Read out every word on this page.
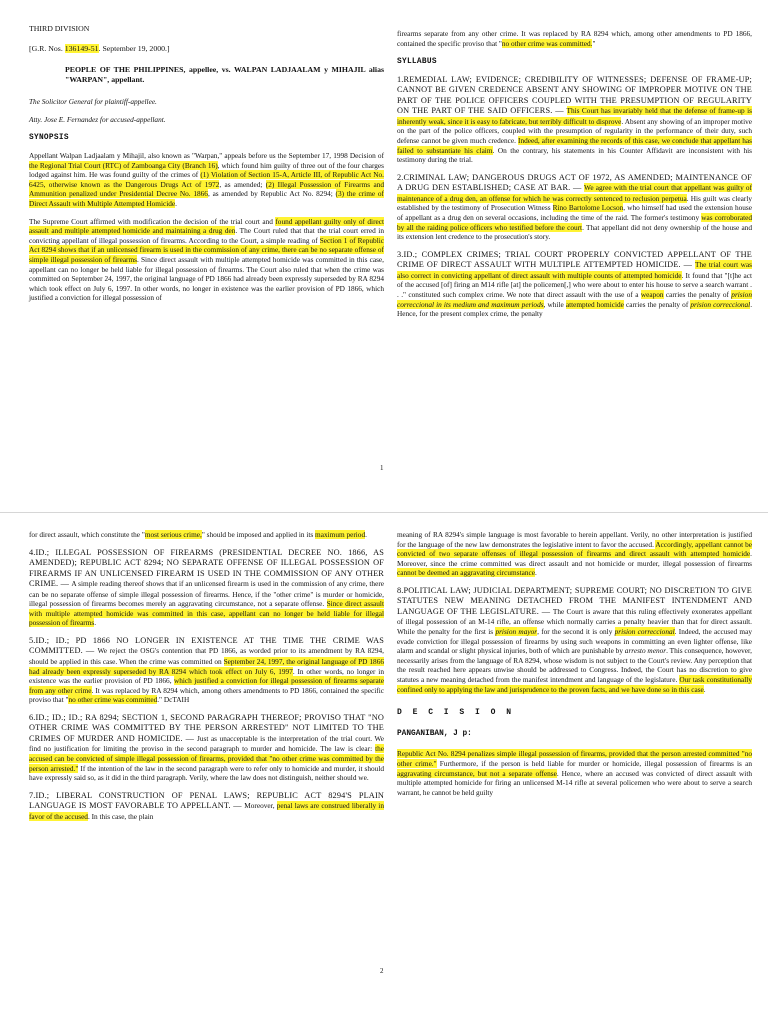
THIRD DIVISION

[G.R. Nos. 136149-51. September 19, 2000.]

PEOPLE OF THE PHILIPPINES, appellee, vs. WALPAN LADJAALAM y MIHAJIL alias "WARPAN", appellant.

The Solicitor General for plaintiff-appellee.

Atty. Jose E. Fernandez for accused-appellant.

SYNOPSIS

Appellant Walpan Ladjaalam y Mihajil, also known as "Warpan," appeals before us the September 17, 1998 Decision of the Regional Trial Court (RTC) of Zamboanga City (Branch 16), which found him guilty of three out of the four charges lodged against him. He was found guilty of the crimes of (1) Violation of Section 15-A, Article III, of Republic Act No. 6425, otherwise known as the Dangerous Drugs Act of 1972, as amended; (2) Illegal Possession of Firearms and Ammunition penalized under Presidential Decree No. 1866, as amended by Republic Act No. 8294; (3) the crime of Direct Assault with Multiple Attempted Homicide.

The Supreme Court affirmed with modification the decision of the trial court and found appellant guilty only of direct assault and multiple attempted homicide and maintaining a drug den. The Court ruled that that the trial court erred in convicting appellant of illegal possession of firearms. According to the Court, a simple reading of Section 1 of Republic Act 8294 shows that if an unlicensed firearm is used in the commission of any crime, there can be no separate offense of simple illegal possession of firearms. Since direct assault with multiple attempted homicide was committed in this case, appellant can no longer be held liable for illegal possession of firearms. The Court also ruled that when the crime was committed on September 24, 1997, the original language of PD 1866 had already been expressly superseded by RA 8294 which took effect on July 6, 1997. In other words, no longer in existence was the earlier provision of PD 1866, which justified a conviction for illegal possession of

firearms separate from any other crime. It was replaced by RA 8294 which, among other amendments to PD 1866, contained the specific proviso that "no other crime was committed."

SYLLABUS

1.REMEDIAL LAW; EVIDENCE; CREDIBILITY OF WITNESSES; DEFENSE OF FRAME-UP; CANNOT BE GIVEN CREDENCE ABSENT ANY SHOWING OF IMPROPER MOTIVE ON THE PART OF THE POLICE OFFICERS COUPLED WITH THE PRESUMPTION OF REGULARITY ON THE PART OF THE SAID OFFICERS. — This Court has invariably held that the defense of frame-up is inherently weak, since it is easy to fabricate, but terribly difficult to disprove. Absent any showing of an improper motive on the part of the police officers, coupled with the presumption of regularity in the performance of their duty, such defense cannot be given much credence. Indeed, after examining the records of this case, we conclude that appellant has failed to substantiate his claim. On the contrary, his statements in his Counter Affidavit are inconsistent with his testimony during the trial.

2.CRIMINAL LAW; DANGEROUS DRUGS ACT OF 1972, AS AMENDED; MAINTENANCE OF A DRUG DEN ESTABLISHED; CASE AT BAR. — We agree with the trial court that appellant was guilty of maintenance of a drug den, an offense for which he was correctly sentenced to reclusion perpetua. His guilt was clearly established by the testimony of Prosecution Witness Rino Bartolome Locson, who himself had used the extension house of appellant as a drug den on several occasions, including the time of the raid. The former's testimony was corroborated by all the raiding police officers who testified before the court. That appellant did not deny ownership of the house and its extension lent credence to the prosecution's story.

3.ID.; COMPLEX CRIMES; TRIAL COURT PROPERLY CONVICTED APPELLANT OF THE CRIME OF DIRECT ASSAULT WITH MULTIPLE ATTEMPTED HOMICIDE. — The trial court was also correct in convicting appellant of direct assault with multiple counts of attempted homicide. It found that "[t]he act of the accused [of] firing an M14 rifle [at] the policemen[,] who were about to enter his house to serve a search warrant . . ." constituted such complex crime. We note that direct assault with the use of a weapon carries the penalty of prision correccional in its medium and maximum periods, while attempted homicide carries the penalty of prision correccional. Hence, for the present complex crime, the penalty

1

for direct assault, which constitute the "most serious crime," should be imposed and applied in its maximum period.

4.ID.; ILLEGAL POSSESSION OF FIREARMS (PRESIDENTIAL DECREE NO. 1866, AS AMENDED); REPUBLIC ACT 8294; NO SEPARATE OFFENSE OF ILLEGAL POSSESSION OF FIREARMS IF AN UNLICENSED FIREARM IS USED IN THE COMMISSION OF ANY OTHER CRIME. — A simple reading thereof shows that if an unlicensed firearm is used in the commission of any crime, there can be no separate offense of simple illegal possession of firearms. Hence, if the "other crime" is murder or homicide, illegal possession of firearms becomes merely an aggravating circumstance, not a separate offense. Since direct assault with multiple attempted homicide was committed in this case, appellant can no longer be held liable for illegal possession of firearms.

5.ID.; ID.; PD 1866 NO LONGER IN EXISTENCE AT THE TIME THE CRIME WAS COMMITTED. — We reject the OSG's contention that PD 1866, as worded prior to its amendment by RA 8294, should be applied in this case. When the crime was committed on September 24, 1997, the original language of PD 1866 had already been expressly superseded by RA 8294 which took effect on July 6, 1997. In other words, no longer in existence was the earlier provision of PD 1866, which justified a conviction for illegal possession of firearms separate from any other crime. It was replaced by RA 8294 which, among others amendments to PD 1866, contained the specific proviso that "no other crime was committed." DcTAIH

6.ID.; ID.; ID.; RA 8294; SECTION 1, SECOND PARAGRAPH THEREOF; PROVISO THAT "NO OTHER CRIME WAS COMMITTED BY THE PERSON ARRESTED" NOT LIMITED TO THE CRIMES OF MURDER AND HOMICIDE. — Just as unacceptable is the interpretation of the trial court. We find no justification for limiting the proviso in the second paragraph to murder and homicide. The law is clear: the accused can be convicted of simple illegal possession of firearms, provided that "no other crime was committed by the person arrested." If the intention of the law in the second paragraph were to refer only to homicide and murder, it should have expressly said so, as it did in the third paragraph. Verily, where the law does not distinguish, neither should we.

7.ID.; LIBERAL CONSTRUCTION OF PENAL LAWS; REPUBLIC ACT 8294'S PLAIN LANGUAGE IS MOST FAVORABLE TO APPELLANT. — Moreover, penal laws are construed liberally in favor of the accused. In this case, the plain

meaning of RA 8294's simple language is most favorable to herein appellant. Verily, no other interpretation is justified for the language of the new law demonstrates the legislative intent to favor the accused. Accordingly, appellant cannot be convicted of two separate offenses of illegal possession of firearms and direct assault with attempted homicide. Moreover, since the crime committed was direct assault and not homicide or murder, illegal possession of firearms cannot be deemed an aggravating circumstance.

8.POLITICAL LAW; JUDICIAL DEPARTMENT; SUPREME COURT; NO DISCRETION TO GIVE STATUTES NEW MEANING DETACHED FROM THE MANIFEST INTENDMENT AND LANGUAGE OF THE LEGISLATURE. — The Court is aware that this ruling effectively exonerates appellant of illegal possession of an M-14 rifle, an offense which normally carries a penalty heavier than that for direct assault. While the penalty for the first is prision mayor, for the second it is only prision correccional. Indeed, the accused may evade conviction for illegal possession of firearms by using such weapons in committing an even lighter offense, like alarm and scandal or slight physical injuries, both of which are punishable by arresto menor. This consequence, however, necessarily arises from the language of RA 8294, whose wisdom is not subject to the Court's review. Any perception that the result reached here appears unwise should be addressed to Congress. Indeed, the Court has no discretion to give statutes a new meaning detached from the manifest intendment and language of the legislature. Our task constitutionally confined only to applying the law and jurisprudence to the proven facts, and we have done so in this case.

D E C I S I O N
PANGANIBAN, J p:

Republic Act No. 8294 penalizes simple illegal possession of firearms, provided that the person arrested committed "no other crime." Furthermore, if the person is held liable for murder or homicide, illegal possession of firearms is an aggravating circumstance, but not a separate offense. Hence, where an accused was convicted of direct assault with multiple attempted homicide for firing an unlicensed M-14 rifle at several policemen who were about to serve a search warrant, he cannot be held guilty

2
